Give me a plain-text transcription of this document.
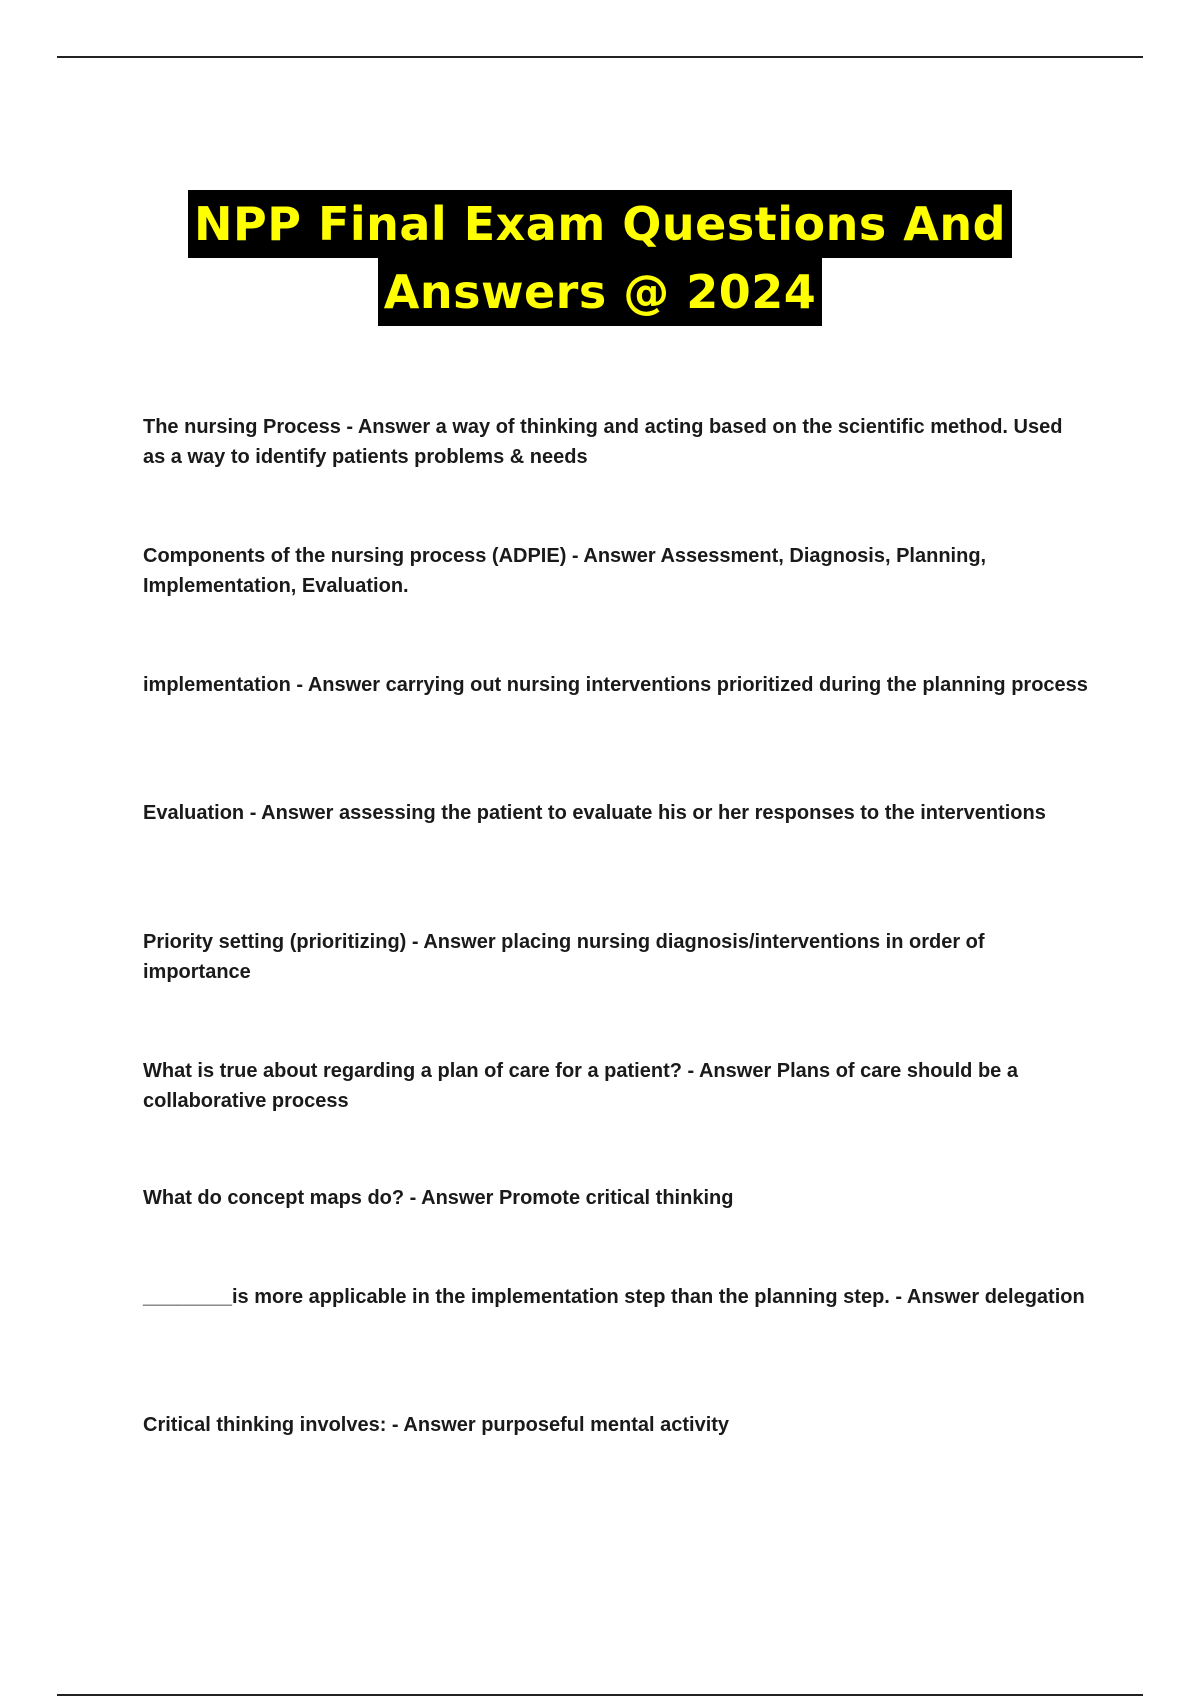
NPP Final Exam Questions And
Answers @ 2024

The nursing Process - Answer a way of thinking and acting based on the scientific method. Used as a way to identify patients problems & needs

Components of the nursing process (ADPIE) - Answer Assessment, Diagnosis, Planning, Implementation, Evaluation.

implementation - Answer carrying out nursing interventions prioritized during the planning process

Evaluation - Answer assessing the patient to evaluate his or her responses to the interventions

Priority setting (prioritizing) - Answer placing nursing diagnosis/interventions in order of importance

What is true about regarding a plan of care for a patient? - Answer Plans of care should be a collaborative process

What do concept maps do? - Answer Promote critical thinking

________is more applicable in the implementation step than the planning step. - Answer delegation

Critical thinking involves: - Answer purposeful mental activity
